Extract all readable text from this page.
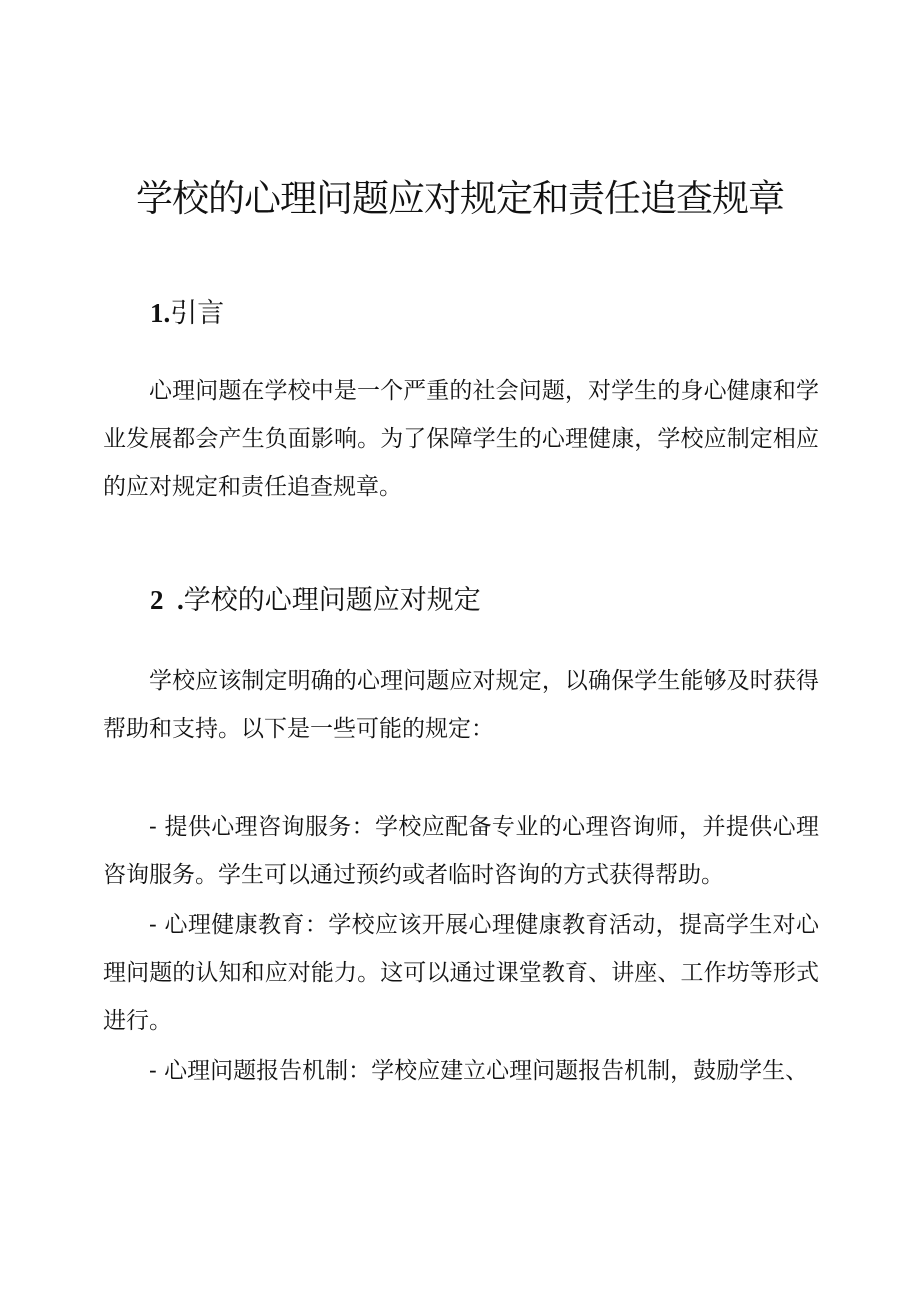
学校的心理问题应对规定和责任追查规章
1.引言

心理问题在学校中是一个严重的社会问题，对学生的身心健康和学业发展都会产生负面影响。为了保障学生的心理健康，学校应制定相应的应对规定和责任追查规章。

2  .学校的心理问题应对规定

学校应该制定明确的心理问题应对规定，以确保学生能够及时获得帮助和支持。以下是一些可能的规定：

- 提供心理咨询服务：学校应配备专业的心理咨询师，并提供心理咨询服务。学生可以通过预约或者临时咨询的方式获得帮助。
- 心理健康教育：学校应该开展心理健康教育活动，提高学生对心理问题的认知和应对能力。这可以通过课堂教育、讲座、工作坊等形式进行。
- 心理问题报告机制：学校应建立心理问题报告机制，鼓励学生、
